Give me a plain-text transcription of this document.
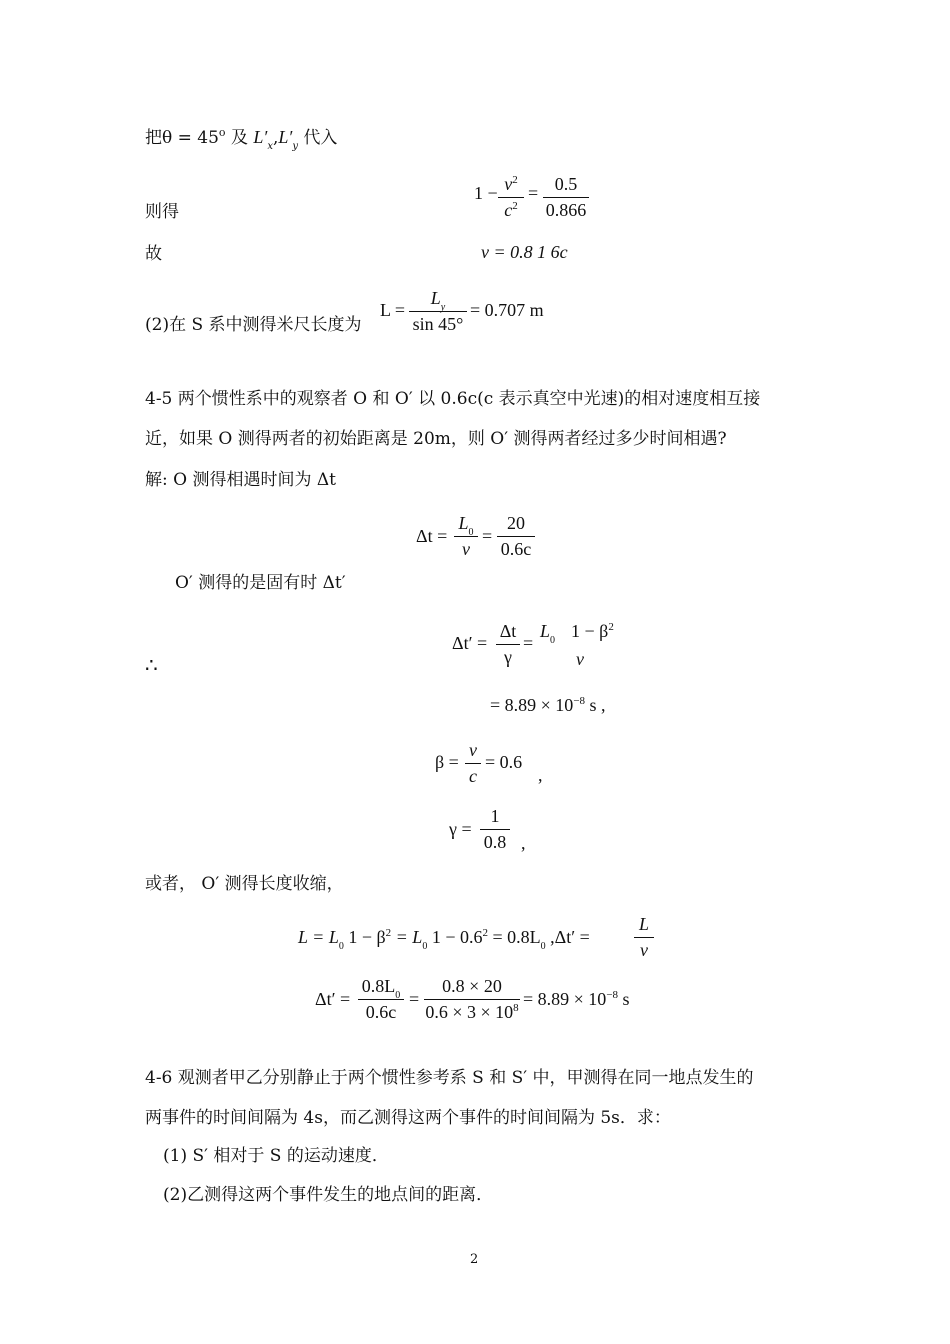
把$\theta = 45^o$ 及 $L'_x,L'_y$ 代入
则得
$1 - \frac{v^2}{c^2} = \frac{0.5}{0.866}$
故	v = 0.8 1 6c
(2)在 S 系中测得米尺长度为
$L = \frac{L_y}{\sin 45^\circ} = 0.707$ m
4-5 两个惯性系中的观察者 O 和 O′ 以 0.6c(c 表示真空中光速)的相对速度相互接
近，如果 O 测得两者的初始距离是 20m，则 O′ 测得两者经过多少时间相遇?
解: O 测得相遇时间为 Δt
$\Delta t = \frac{L_0}{v} = \frac{20}{0.6c}$
O′ 测得的是固有时 Δt′
∴
$\Delta t' = \frac{\Delta t}{\gamma}$ =
$L_0$ $1 - \beta^2$
v
= $8.89 \times 10^{-8}$ s ,
$\beta = \frac{v}{c} = 0.6$
,
$\gamma = \frac{1}{0.8}$ ,
或者， O′ 测得长度收缩，
$L = L_0$ $1 - \beta^2 = L_0$ $1 - 0.6^2 = 0.8L_0$ $,\Delta t' = \frac{L}{v}$
$\Delta t' = \frac{0.8L_0}{0.6c} = \frac{0.8 \times 20}{0.6 \times 3 \times 10^8} = 8.89 \times 10^{-8}$ s
4-6 观测者甲乙分别静止于两个惯性参考系 S 和 S′ 中，甲测得在同一地点发生的
两事件的时间间隔为 4s，而乙测得这两个事件的时间间隔为 5s．求：
(1) S′ 相对于 S 的运动速度．
(2)乙测得这两个事件发生的地点间的距离．
2
